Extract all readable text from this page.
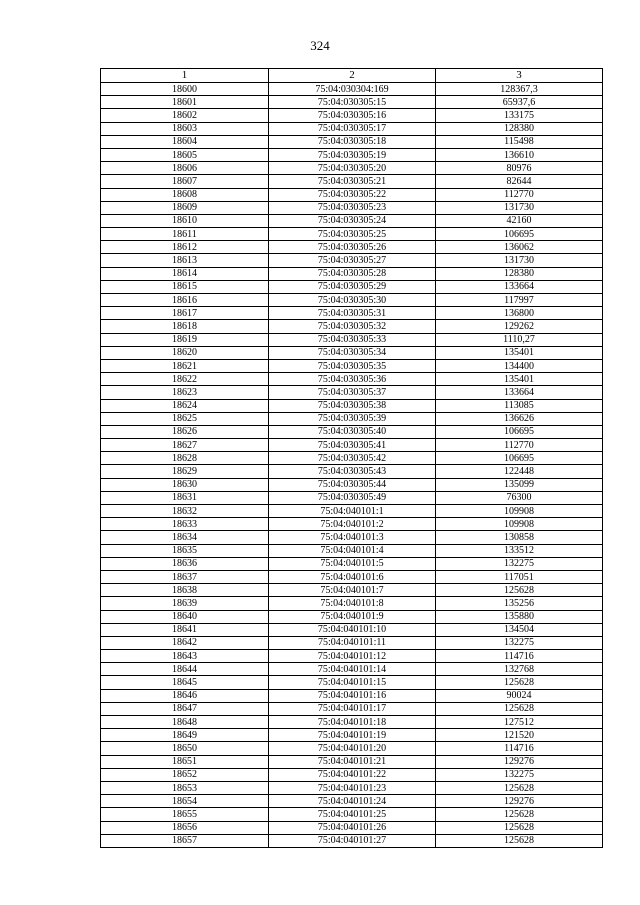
324
1	2	3
18600	75:04:030304:169	128367,3
18601	75:04:030305:15	65937,6
18602	75:04:030305:16	133175
18603	75:04:030305:17	128380
18604	75:04:030305:18	115498
18605	75:04:030305:19	136610
18606	75:04:030305:20	80976
18607	75:04:030305:21	82644
18608	75:04:030305:22	112770
18609	75:04:030305:23	131730
18610	75:04:030305:24	42160
18611	75:04:030305:25	106695
18612	75:04:030305:26	136062
18613	75:04:030305:27	131730
18614	75:04:030305:28	128380
18615	75:04:030305:29	133664
18616	75:04:030305:30	117997
18617	75:04:030305:31	136800
18618	75:04:030305:32	129262
18619	75:04:030305:33	1110,27
18620	75:04:030305:34	135401
18621	75:04:030305:35	134400
18622	75:04:030305:36	135401
18623	75:04:030305:37	133664
18624	75:04:030305:38	113085
18625	75:04:030305:39	136626
18626	75:04:030305:40	106695
18627	75:04:030305:41	112770
18628	75:04:030305:42	106695
18629	75:04:030305:43	122448
18630	75:04:030305:44	135099
18631	75:04:030305:49	76300
18632	75:04:040101:1	109908
18633	75:04:040101:2	109908
18634	75:04:040101:3	130858
18635	75:04:040101:4	133512
18636	75:04:040101:5	132275
18637	75:04:040101:6	117051
18638	75:04:040101:7	125628
18639	75:04:040101:8	135256
18640	75:04:040101:9	135880
18641	75:04:040101:10	134504
18642	75:04:040101:11	132275
18643	75:04:040101:12	114716
18644	75:04:040101:14	132768
18645	75:04:040101:15	125628
18646	75:04:040101:16	90024
18647	75:04:040101:17	125628
18648	75:04:040101:18	127512
18649	75:04:040101:19	121520
18650	75:04:040101:20	114716
18651	75:04:040101:21	129276
18652	75:04:040101:22	132275
18653	75:04:040101:23	125628
18654	75:04:040101:24	129276
18655	75:04:040101:25	125628
18656	75:04:040101:26	125628
18657	75:04:040101:27	125628
